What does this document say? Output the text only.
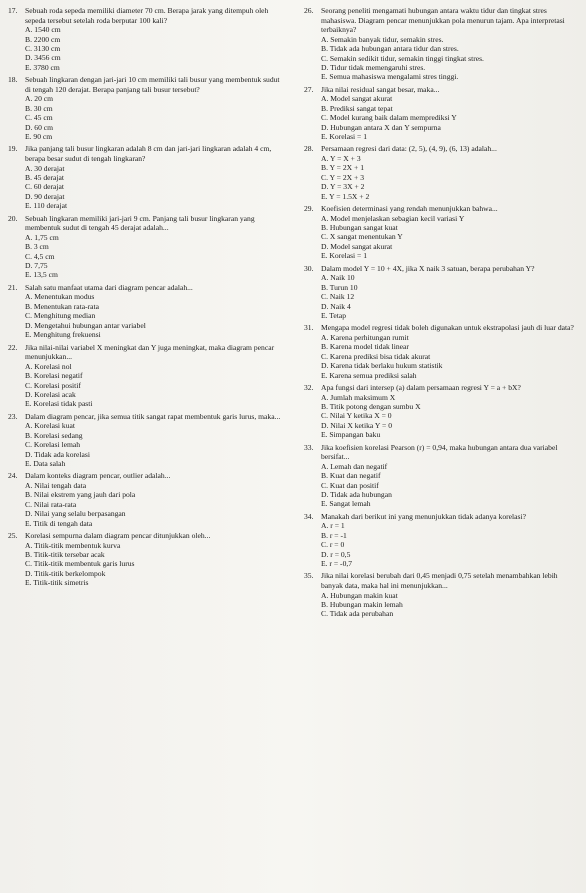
17. Sebuah roda sepeda memiliki diameter 70 cm. Berapa jarak yang ditempuh oleh sepeda tersebut setelah roda berputar 100 kali?
A. 1540 cm
B. 2200 cm
C. 3130 cm
D. 3456 cm
E. 3780 cm
18. Sebuah lingkaran dengan jari-jari 10 cm memiliki tali busur yang membentuk sudut di tengah 120 derajat. Berapa panjang tali busur tersebut?
A. 20 cm
B. 30 cm
C. 45 cm
D. 60 cm
E. 90 cm
19. Jika panjang tali busur lingkaran adalah 8 cm dan jari-jari lingkaran adalah 4 cm, berapa besar sudut di tengah lingkaran?
A. 30 derajat
B. 45 derajat
C. 60 derajat
D. 90 derajat
E. 110 derajat
20. Sebuah lingkaran memiliki jari-jari 9 cm. Panjang tali busur lingkaran yang membentuk sudut di tengah 45 derajat adalah...
A. 1,75 cm
B. 3 cm
C. 4,5 cm
D. 7,75
E. 13,5 cm
21. Salah satu manfaat utama dari diagram pencar adalah...
A. Menentukan modus
B. Menentukan rata-rata
C. Menghitung median
D. Mengetahui hubungan antar variabel
E. Menghitung frekuensi
22. Jika nilai-nilai variabel X meningkat dan Y juga meningkat, maka diagram pencar menunjukkan...
A. Korelasi nol
B. Korelasi negatif
C. Korelasi positif
D. Korelasi acak
E. Korelasi tidak pasti
23. Dalam diagram pencar, jika semua titik sangat rapat membentuk garis lurus, maka...
A. Korelasi kuat
B. Korelasi sedang
C. Korelasi lemah
D. Tidak ada korelasi
E. Data salah
24. Dalam konteks diagram pencar, outlier adalah...
A. Nilai tengah data
B. Nilai ekstrem yang jauh dari pola
C. Nilai rata-rata
D. Nilai yang selalu berpasangan
E. Titik di tengah data
25. Korelasi sempurna dalam diagram pencar ditunjukkan oleh...
A. Titik-titik membentuk kurva
B. Titik-titik tersebar acak
C. Titik-titik membentuk garis lurus
D. Titik-titik berkelompok
E. Titik-titik simetris
26. Seorang peneliti mengamati hubungan antara waktu tidur dan tingkat stres mahasiswa. Diagram pencar menunjukkan pola menurun tajam. Apa interpretasi terbaiknya?
A. Semakin banyak tidur, semakin stres.
B. Tidak ada hubungan antara tidur dan stres.
C. Semakin sedikit tidur, semakin tinggi tingkat stres.
D. Tidur tidak memengaruhi stres.
E. Semua mahasiswa mengalami stres tinggi.
27. Jika nilai residual sangat besar, maka...
A. Model sangat akurat
B. Prediksi sangat tepat
C. Model kurang baik dalam memprediksi Y
D. Hubungan antara X dan Y sempurna
E. Korelasi = 1
28. Persamaan regresi dari data: (2, 5), (4, 9), (6, 13) adalah...
A. Y = X + 3
B. Y = 2X + 1
C. Y = 2X + 3
D. Y = 3X + 2
E. Y = 1.5X + 2
29. Koefisien determinasi yang rendah menunjukkan bahwa...
A. Model menjelaskan sebagian kecil variasi Y
B. Hubungan sangat kuat
C. X sangat menentukan Y
D. Model sangat akurat
E. Korelasi = 1
30. Dalam model Y = 10 + 4X, jika X naik 3 satuan, berapa perubahan Y?
A. Naik 10
B. Turun 10
C. Naik 12
D. Naik 4
E. Tetap
31. Mengapa model regresi tidak boleh digunakan untuk ekstrapolasi jauh di luar data?
A. Karena perhitungan rumit
B. Karena model tidak linear
C. Karena prediksi bisa tidak akurat
D. Karena tidak berlaku hukum statistik
E. Karena semua prediksi salah
32. Apa fungsi dari intersep (a) dalam persamaan regresi Y = a + bX?
A. Jumlah maksimum X
B. Titik potong dengan sumbu X
C. Nilai Y ketika X = 0
D. Nilai X ketika Y = 0
E. Simpangan baku
33. Jika koefisien korelasi Pearson (r) = 0,94, maka hubungan antara dua variabel bersifat...
A. Lemah dan negatif
B. Kuat dan negatif
C. Kuat dan positif
D. Tidak ada hubungan
E. Sangat lemah
34. Manakah dari berikut ini yang menunjukkan tidak adanya korelasi?
A. r = 1
B. r = -1
C. r = 0
D. r = 0,5
E. r = -0,7
35. Jika nilai korelasi berubah dari 0,45 menjadi 0,75 setelah menambahkan lebih banyak data, maka hal ini menunjukkan...
A. Hubungan makin kuat
B. Hubungan makin lemah
C. Tidak ada perubahan
